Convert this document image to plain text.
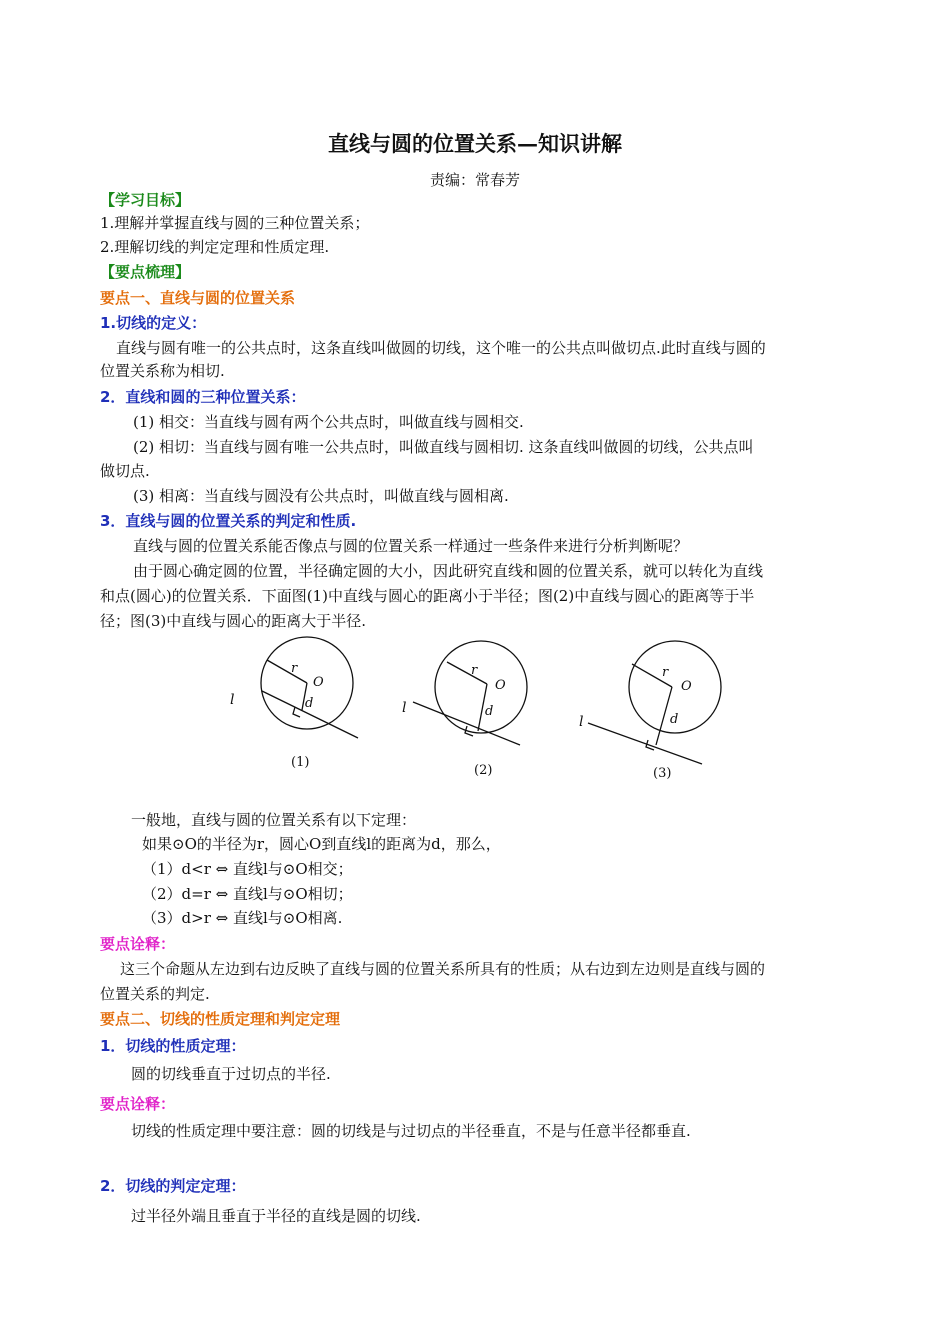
直线与圆的位置关系—知识讲解
责编：常春芳
【学习目标】
1.理解并掌握直线与圆的三种位置关系；
2.理解切线的判定定理和性质定理.
【要点梳理】
要点一、直线与圆的位置关系
1.切线的定义：
直线与圆有唯一的公共点时，这条直线叫做圆的切线，这个唯一的公共点叫做切点.此时直线与圆的
位置关系称为相切.
2．直线和圆的三种位置关系：
(1) 相交：当直线与圆有两个公共点时，叫做直线与圆相交.
(2) 相切：当直线与圆有唯一公共点时，叫做直线与圆相切. 这条直线叫做圆的切线，公共点叫
做切点.
(3) 相离：当直线与圆没有公共点时，叫做直线与圆相离.
3．直线与圆的位置关系的判定和性质.
直线与圆的位置关系能否像点与圆的位置关系一样通过一些条件来进行分析判断呢？
由于圆心确定圆的位置，半径确定圆的大小，因此研究直线和圆的位置关系，就可以转化为直线
和点(圆心)的位置关系．下面图(1)中直线与圆心的距离小于半径；图(2)中直线与圆心的距离等于半
径；图(3)中直线与圆心的距离大于半径.
r
O
d
l
(1)
r
O
d
l
(2)
r
O
d
l
(3)
一般地，直线与圆的位置关系有以下定理：
如果⊙O的半径为r，圆心O到直线l的距离为d，那么，
（1）d<r ⇔ 直线l与⊙O相交；
（2）d=r ⇔ 直线l与⊙O相切；
（3）d>r ⇔ 直线l与⊙O相离.
要点诠释：
这三个命题从左边到右边反映了直线与圆的位置关系所具有的性质；从右边到左边则是直线与圆的
位置关系的判定.
要点二、切线的性质定理和判定定理
1．切线的性质定理：
圆的切线垂直于过切点的半径.
要点诠释：
切线的性质定理中要注意：圆的切线是与过切点的半径垂直，不是与任意半径都垂直.
2．切线的判定定理：
过半径外端且垂直于半径的直线是圆的切线.
